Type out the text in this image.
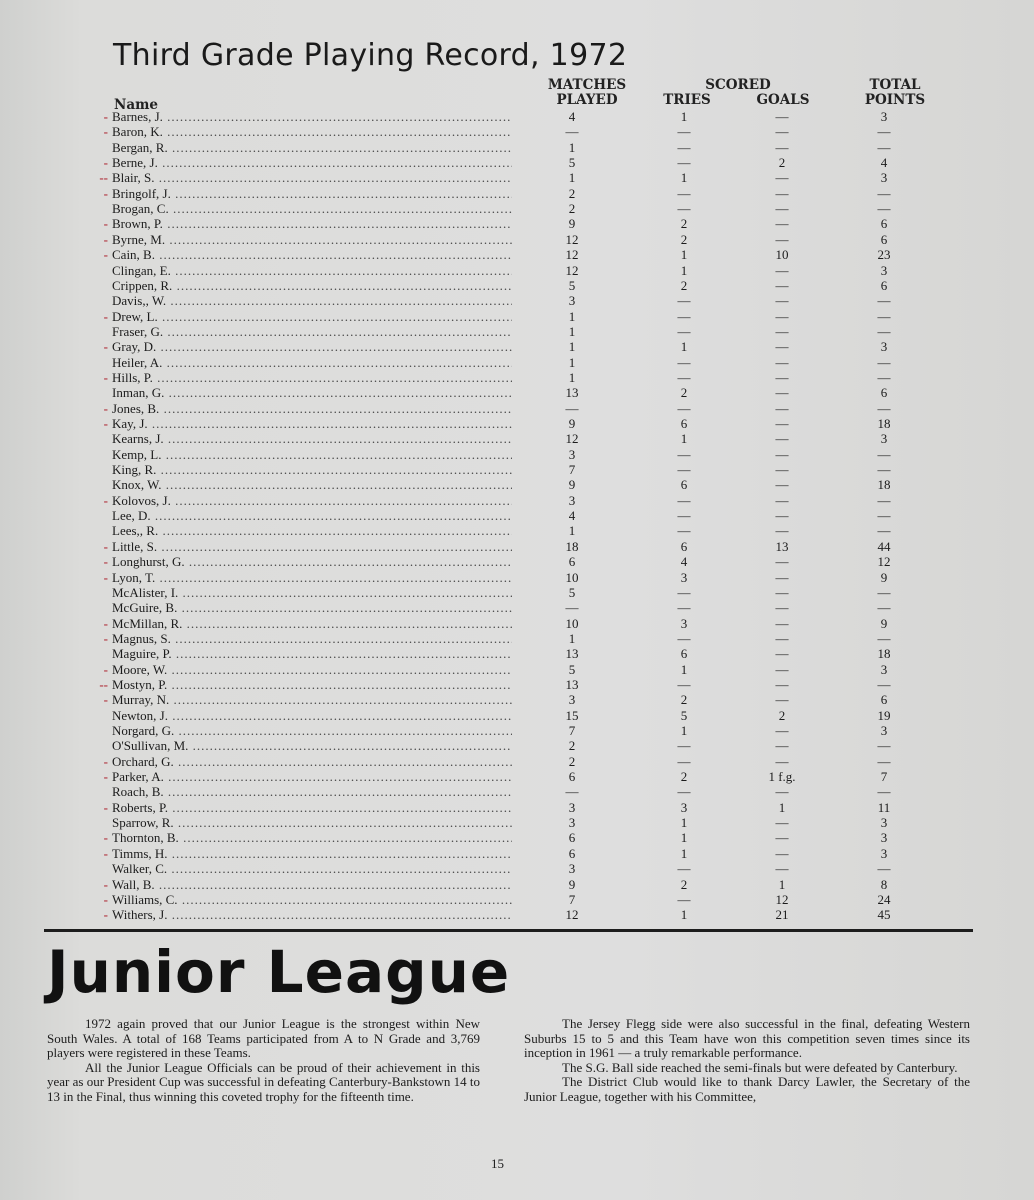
Third Grade Playing Record, 1972
MATCHES
PLAYED
SCORED
TRIES	GOALS
TOTAL
POINTS
Name
- Barnes, J. .....	4	1	—	3
- Baron, K. .....	—	—	—	—
Bergan, R. .....	1	—	—	—
- Berne, J. .....	5	—	2	4
-- Blair, S. .....	1	1	—	3
- Bringolf, J. .....	2	—	—	—
Brogan, C. .....	2	—	—	—
- Brown, P. .....	9	2	—	6
- Byrne, M. .....	12	2	—	6
- Cain, B. .....	12	1	10	23
Clingan, E. .....	12	1	—	3
Crippen, R. .....	5	2	—	6
Davis,, W. .....	3	—	—	—
- Drew, L. .....	1	—	—	—
Fraser, G. .....	1	—	—	—
- Gray, D. .....	1	1	—	3
Heiler, A. .....	1	—	—	—
- Hills, P. .....	1	—	—	—
Inman, G. .....	13	2	—	6
- Jones, B. .....	—	—	—	—
- Kay, J. .....	9	6	—	18
Kearns, J. .....	12	1	—	3
Kemp, L. .....	3	—	—	—
King, R. .....	7	—	—	—
Knox, W. .....	9	6	—	18
- Kolovos, J. .....	3	—	—	—
Lee, D. .....	4	—	—	—
Lees,, R. .....	1	—	—	—
- Little, S. .....	18	6	13	44
- Longhurst, G. .....	6	4	—	12
- Lyon, T. .....	10	3	—	9
McAlister, I. .....	5	—	—	—
McGuire, B. .....	—	—	—	—
- McMillan, R. .....	10	3	—	9
- Magnus, S. .....	1	—	—	—
Maguire, P. .....	13	6	—	18
- Moore, W. .....	5	1	—	3
-- Mostyn, P. .....	13	—	—	—
- Murray, N. .....	3	2	—	6
Newton, J. .....	15	5	2	19
Norgard, G. .....	7	1	—	3
O'Sullivan, M. .....	2	—	—	—
- Orchard, G. .....	2	—	—	—
- Parker, A. .....	6	2	1 f.g.	7
Roach, B. .....	—	—	—	—
- Roberts, P. .....	3	3	1	11
Sparrow, R. .....	3	1	—	3
- Thornton, B. .....	6	1	—	3
- Timms, H. .....	6	1	—	3
Walker, C. .....	3	—	—	—
- Wall, B. .....	9	2	1	8
- Williams, C. .....	7	—	12	24
- Withers, J. .....	12	1	21	45
Junior League

1972 again proved that our Junior League is the strongest within New South Wales. A total of 168 Teams participated from A to N Grade and 3,769 players were registered in these Teams.

All the Junior League Officials can be proud of their achievement in this year as our President Cup was successful in defeating Canterbury-Bankstown 14 to 13 in the Final, thus winning this coveted trophy for the fifteenth time.

The Jersey Flegg side were also successful in the final, defeating Western Suburbs 15 to 5 and this Team have won this competition seven times since its inception in 1961 — a truly remarkable performance.

The S.G. Ball side reached the semi-finals but were defeated by Canterbury.

The District Club would like to thank Darcy Lawler, the Secretary of the Junior League, together with his Committee,

15
